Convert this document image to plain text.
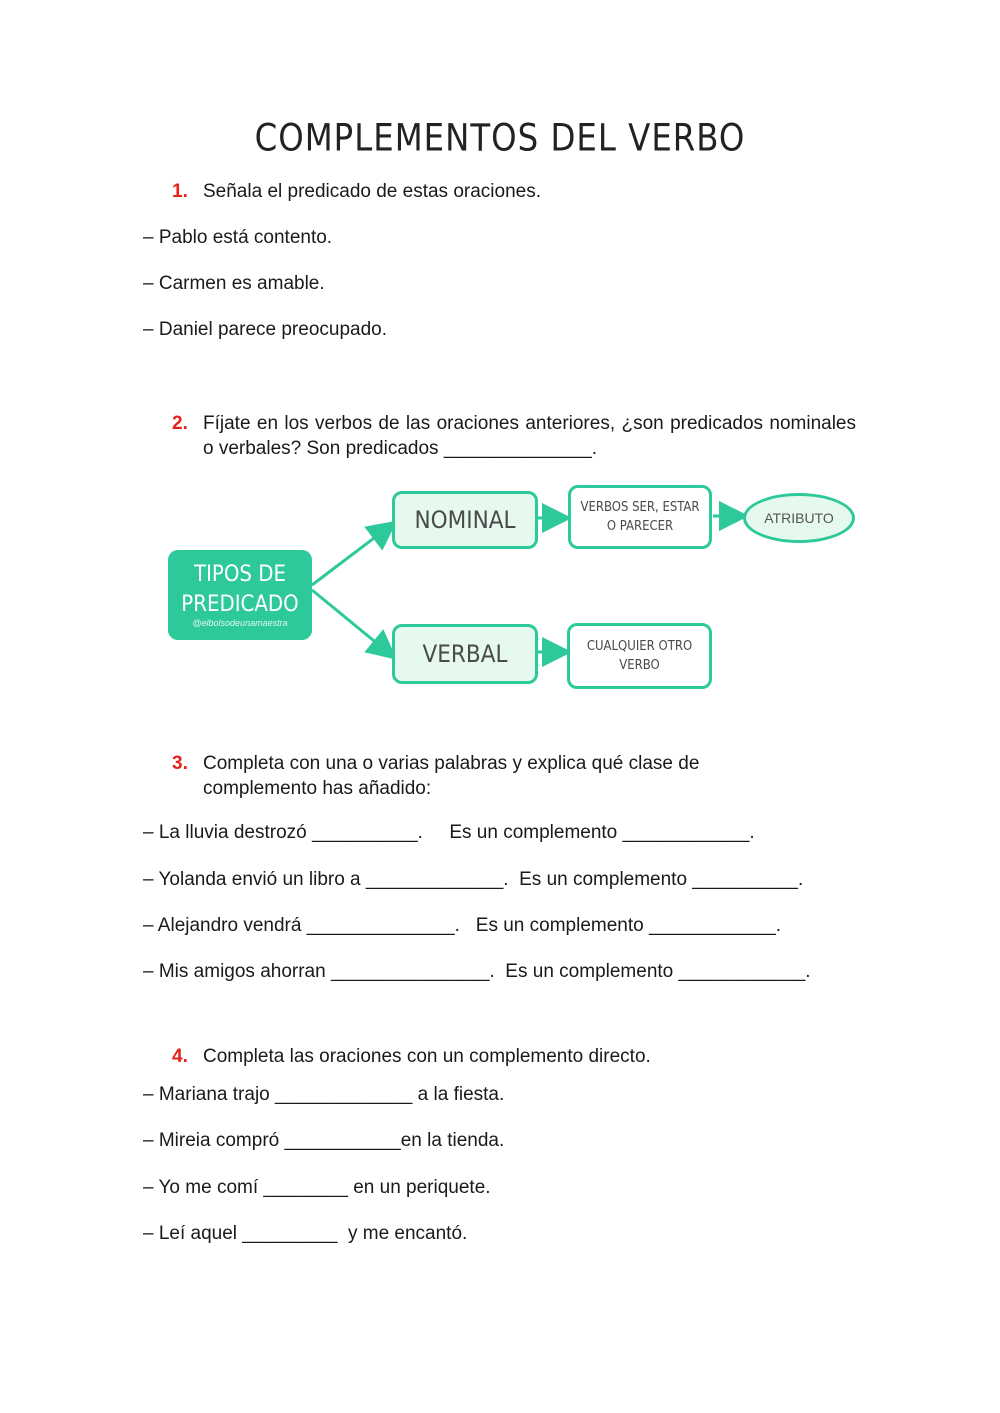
COMPLEMENTOS DEL VERBO
1. Señala el predicado de estas oraciones.
– Pablo está contento.
– Carmen es amable.
– Daniel parece preocupado.
2. Fíjate en los verbos de las oraciones anteriores, ¿son predicados nominales o verbales? Son predicados ______________.
TIPOS DE
PREDICADO
@elbolsodeunamaestra
NOMINAL	VERBOS SER, ESTAR
O PARECER
ATRIBUTO
VERBAL	CUALQUIER OTRO
VERBO
3. Completa con una o varias palabras y explica qué clase de complemento has añadido:
– La lluvia destrozó __________.     Es un complemento ____________.
– Yolanda envió un libro a _____________.  Es un complemento __________.
– Alejandro vendrá ______________.   Es un complemento ____________.
– Mis amigos ahorran _______________.  Es un complemento ____________.
4. Completa las oraciones con un complemento directo.
– Mariana trajo _____________ a la fiesta.
– Mireia compró ___________en la tienda.
– Yo me comí ________ en un periquete.
– Leí aquel _________  y me encantó.
